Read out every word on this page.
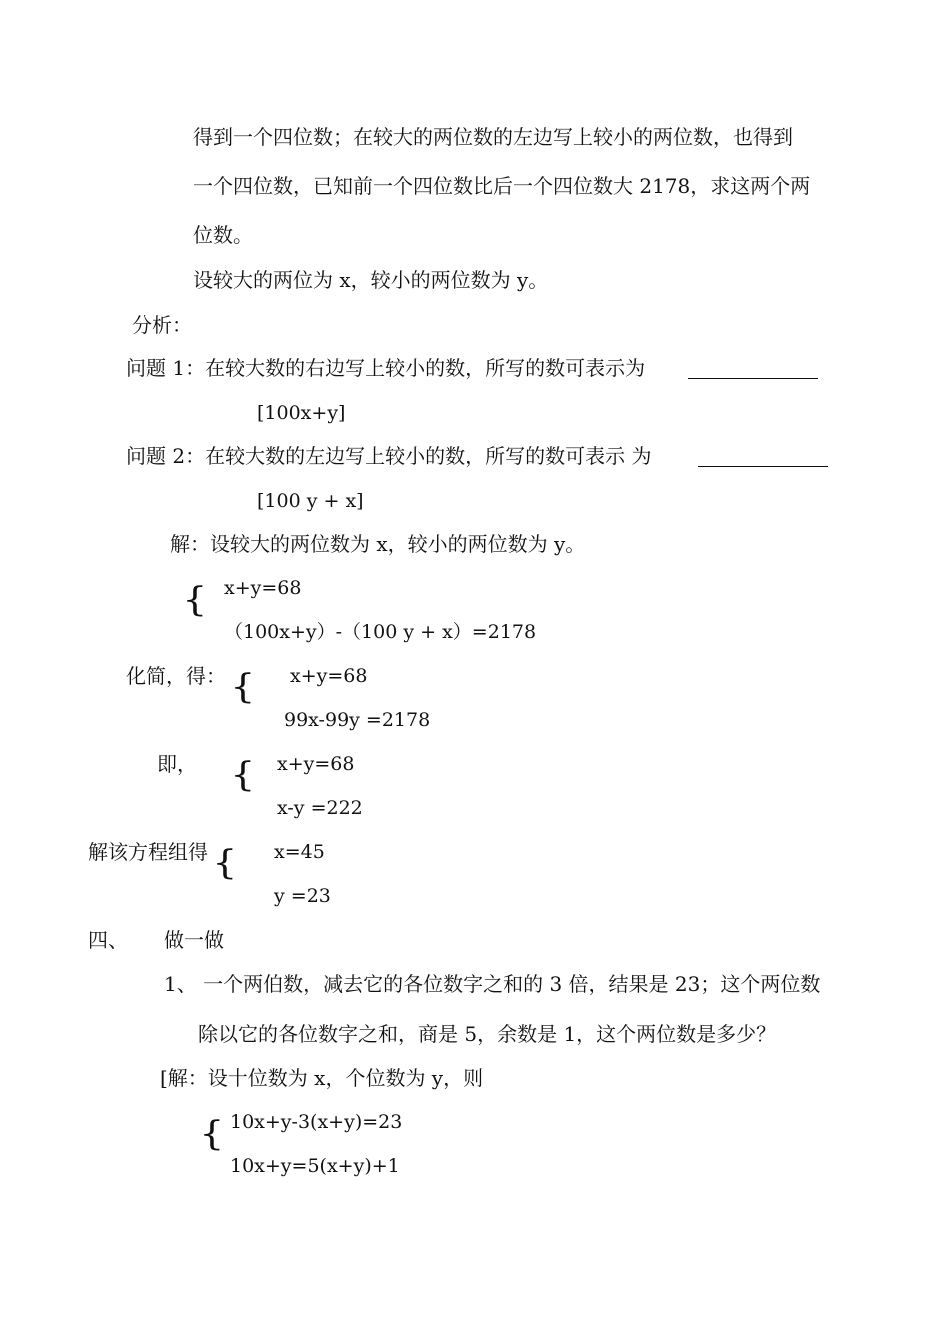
得到一个四位数；在较大的两位数的左边写上较小的两位数，也得到
一个四位数，已知前一个四位数比后一个四位数大 2178，求这两个两
位数。
设较大的两位为 x，较小的两位数为 y。
分析：
问题 1：在较大数的右边写上较小的数，所写的数可表示为
[100x+y]
问题 2：在较大数的左边写上较小的数，所写的数可表示 为
[100 y + x]
解：设较大的两位数为 x，较小的两位数为 y。
{ x+y=68
（100x+y）-（100 y + x）=2178
化简，得： { x+y=68
99x-99y =2178
即， { x+y=68
x-y =222
解该方程组得 { x=45
y =23
四、 做一做
1、 一个两伯数，减去它的各位数字之和的 3 倍，结果是 23；这个两位数
除以它的各位数字之和，商是 5，余数是 1，这个两位数是多少？
[解：设十位数为 x，个位数为 y，则
{ 10x+y-3(x+y)=23
10x+y=5(x+y)+1
